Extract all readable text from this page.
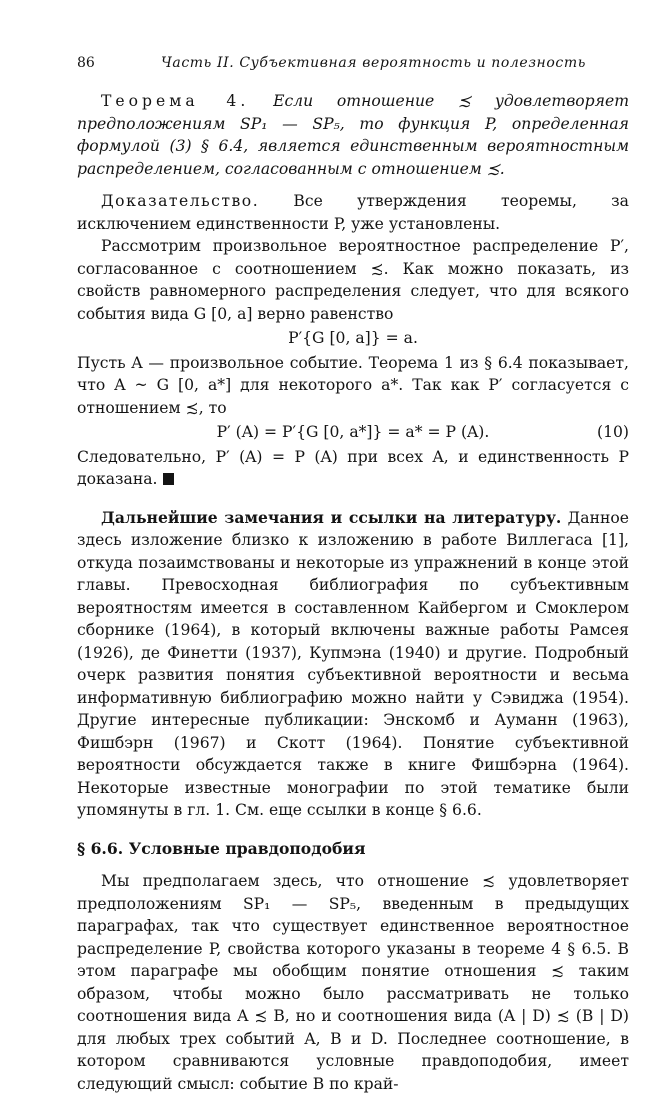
86	Часть II. Субъективная вероятность и полезность

Теорема 4. Если отношение ≾ удовлетворяет предположениям SP₁ — SP₅, то функция P, определенная формулой (3) § 6.4, является единственным вероятностным распределением, согласованным с отношением ≾.

Доказательство. Все утверждения теоремы, за исключением единственности P, уже установлены.

Рассмотрим произвольное вероятностное распределение P′, согласованное с соотношением ≾. Как можно показать, из свойств равномерного распределения следует, что для всякого события вида G [0, a] верно равенство

P′{G [0, a]} = a.

Пусть A — произвольное событие. Теорема 1 из § 6.4 показывает, что A ~ G [0, a*] для некоторого a*. Так как P′ согласуется с отношением ≾, то

P′ (A) = P′{G [0, a*]} = a* = P (A).	(10)

Следовательно, P′ (A) = P (A) при всех A, и единственность P доказана.

Дальнейшие замечания и ссылки на литературу. Данное здесь изложение близко к изложению в работе Виллегаса [1], откуда позаимствованы и некоторые из упражнений в конце этой главы. Превосходная библиография по субъективным вероятностям имеется в составленном Кайбергом и Смоклером сборнике (1964), в который включены важные работы Рамсея (1926), де Финетти (1937), Купмэна (1940) и другие. Подробный очерк развития понятия субъективной вероятности и весьма информативную библиографию можно найти у Сэвиджа (1954). Другие интересные публикации: Энскомб и Ауманн (1963), Фишбэрн (1967) и Скотт (1964). Понятие субъективной вероятности обсуждается также в книге Фишбэрна (1964). Некоторые известные монографии по этой тематике были упомянуты в гл. 1. См. еще ссылки в конце § 6.6.

§ 6.6. Условные правдоподобия

Мы предполагаем здесь, что отношение ≾ удовлетворяет предположениям SP₁ — SP₅, введенным в предыдущих параграфах, так что существует единственное вероятностное распределение P, свойства которого указаны в теореме 4 § 6.5. В этом параграфе мы обобщим понятие отношения ≾ таким образом, чтобы можно было рассматривать не только соотношения вида A ≾ B, но и соотношения вида (A | D) ≾ (B | D) для любых трех событий A, B и D. Последнее соотношение, в котором сравниваются условные правдоподобия, имеет следующий смысл: событие B по край-
